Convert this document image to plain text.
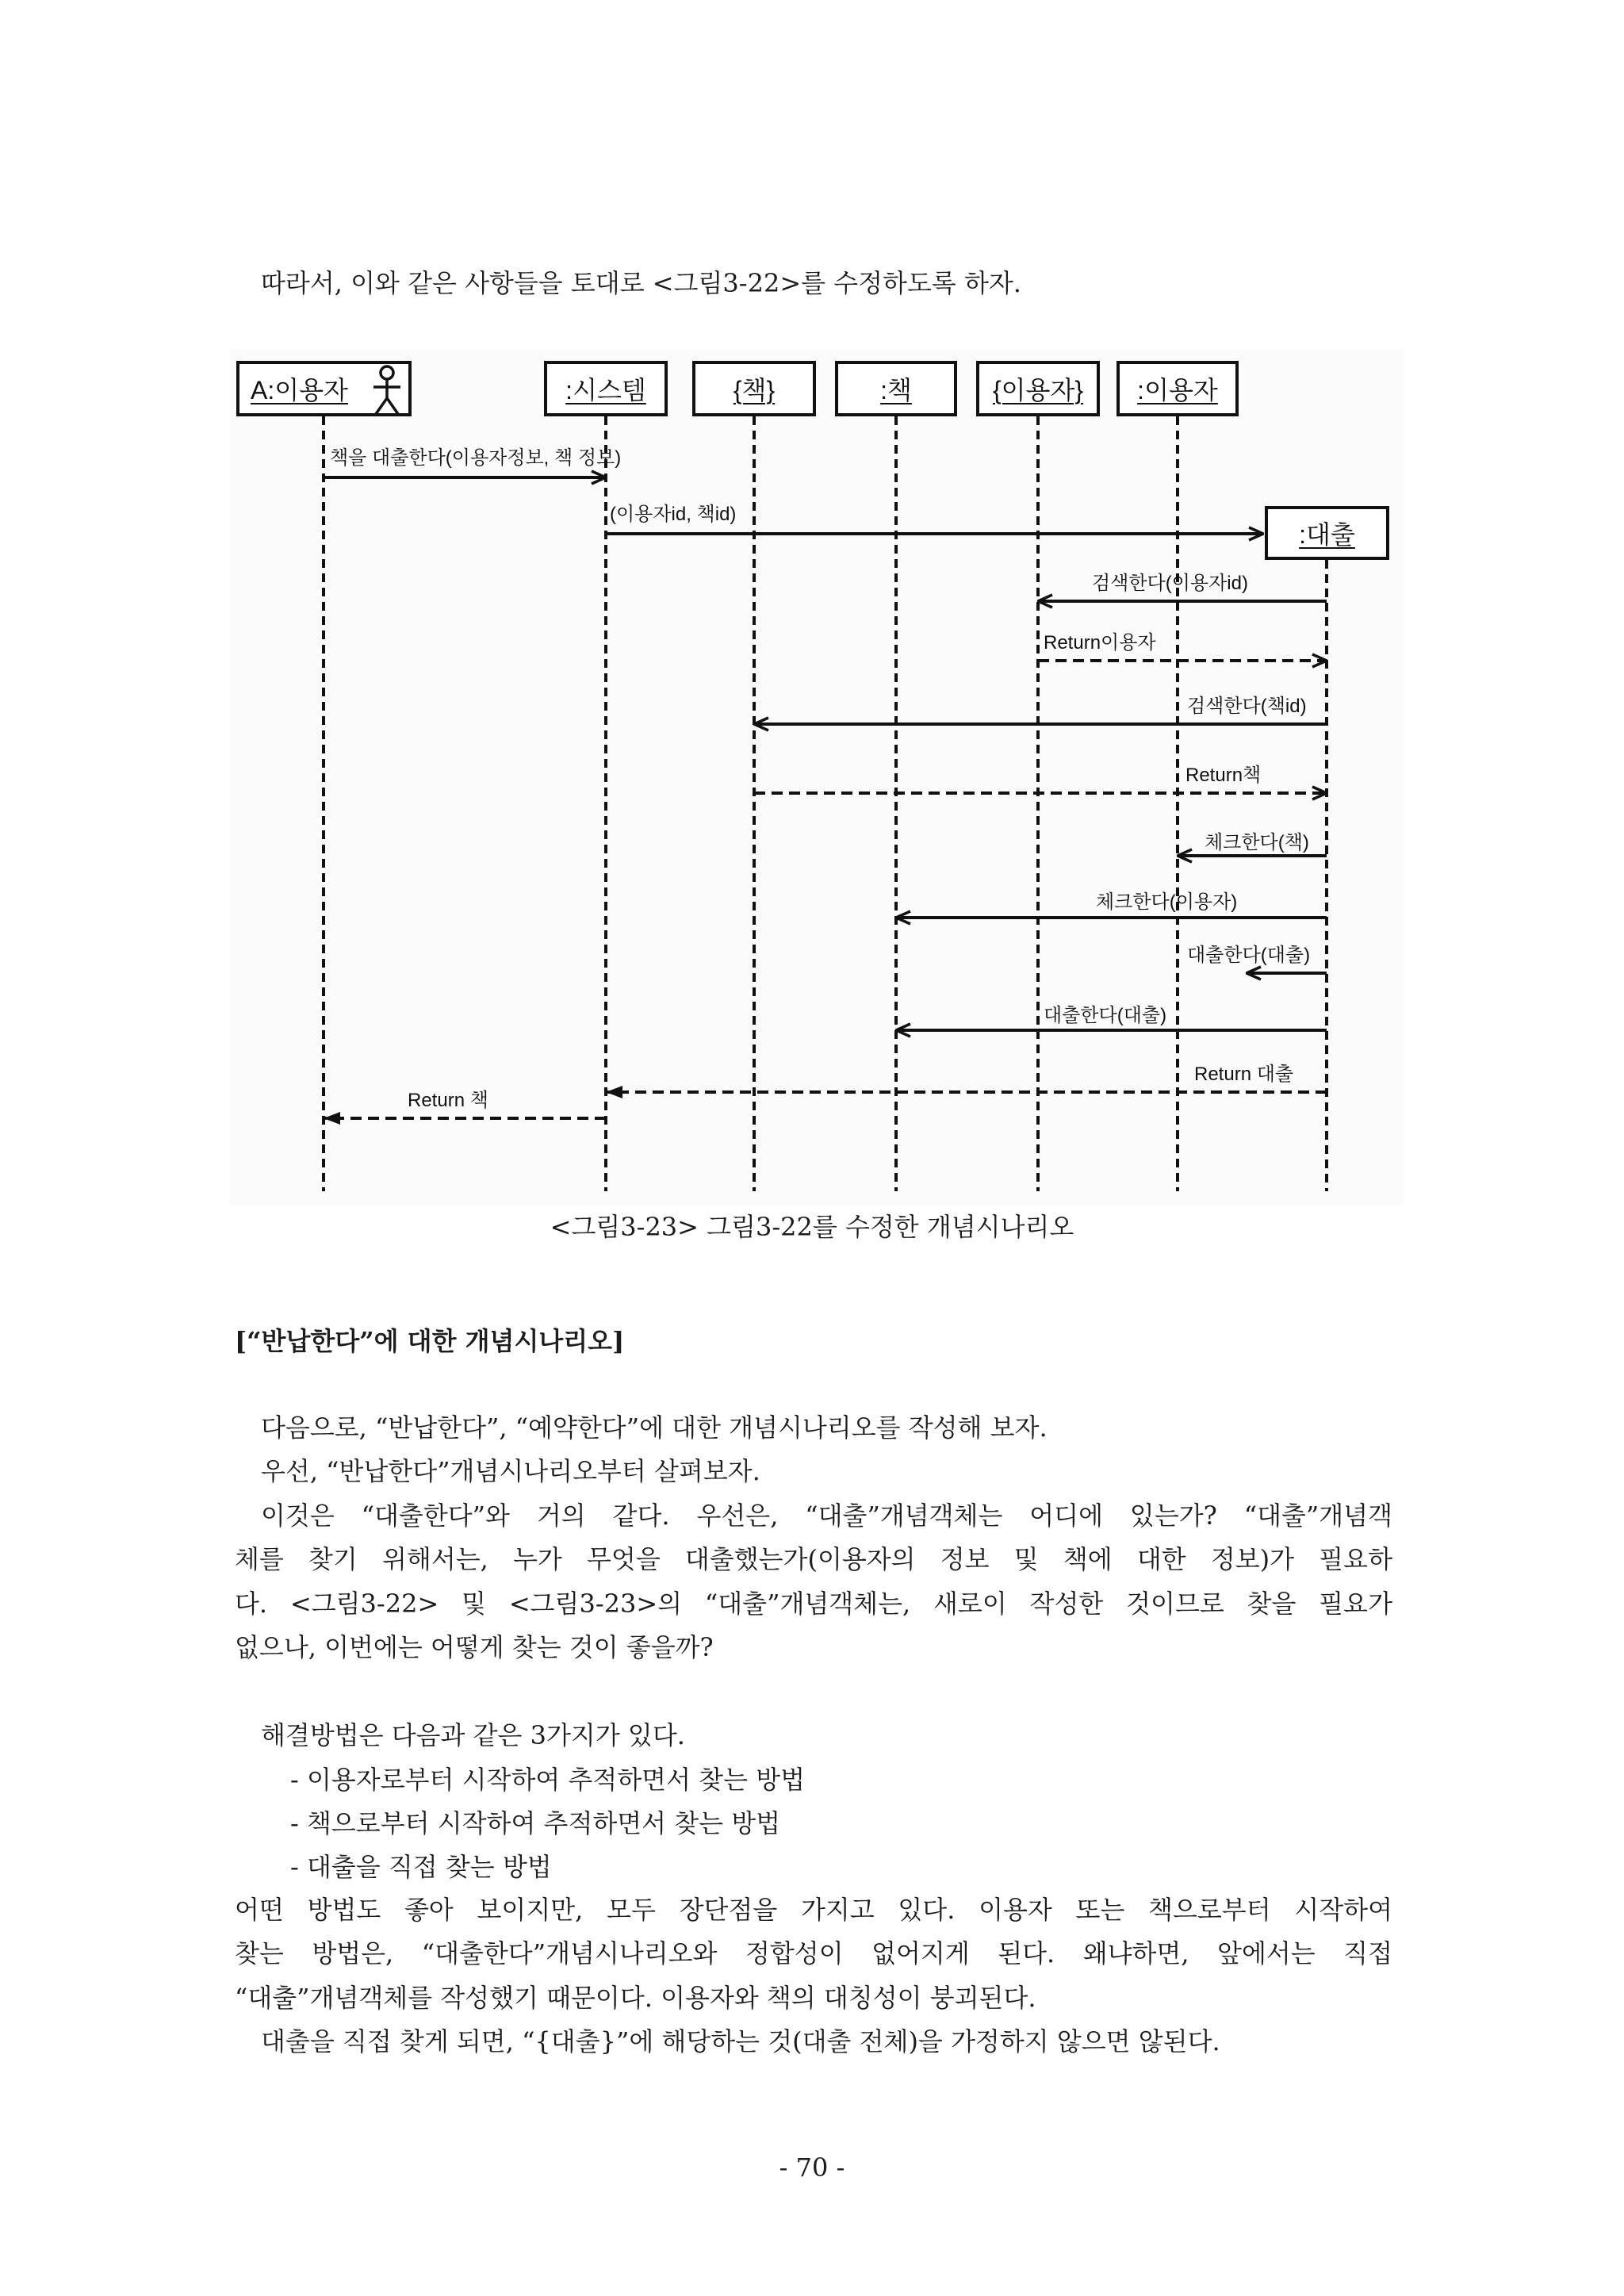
따라서, 이와 같은 사항들을 토대로 <그림3-22>를 수정하도록 하자.
A:이용자	:시스템	{책}	:책	{이용자} :이용자
:대출
책을 대출한다(이용자정보, 책 정보)
(이용자id, 책id)
검색한다(이용자id)
Return이용자
검색한다(책id)
Return책
체크한다(책)
체크한다(이용자)
대출한다(대출)
대출한다(대출)
Return 대출
Return 책
<그림3-23> 그림3-22를 수정한 개념시나리오
[“반납한다”에 대한 개념시나리오]
다음으로, “반납한다”, “예약한다”에 대한 개념시나리오를 작성해 보자.
우선, “반납한다”개념시나리오부터 살펴보자.
이것은 “대출한다”와 거의 같다. 우선은, “대출”개념객체는 어디에 있는가? “대출”개념객
체를 찾기 위해서는, 누가 무엇을 대출했는가(이용자의 정보 및 책에 대한 정보)가 필요하
다. <그림3-22> 및 <그림3-23>의 “대출”개념객체는, 새로이 작성한 것이므로 찾을 필요가
없으나, 이번에는 어떻게 찾는 것이 좋을까?
해결방법은 다음과 같은 3가지가 있다.
- 이용자로부터 시작하여 추적하면서 찾는 방법
- 책으로부터 시작하여 추적하면서 찾는 방법
- 대출을 직접 찾는 방법
어떤 방법도 좋아 보이지만, 모두 장단점을 가지고 있다. 이용자 또는 책으로부터 시작하여
찾는 방법은, “대출한다”개념시나리오와 정합성이 없어지게 된다. 왜냐하면, 앞에서는 직접
“대출”개념객체를 작성했기 때문이다. 이용자와 책의 대칭성이 붕괴된다.
대출을 직접 찾게 되면, “{대출}”에 해당하는 것(대출 전체)을 가정하지 않으면 않된다.
- 70 -
